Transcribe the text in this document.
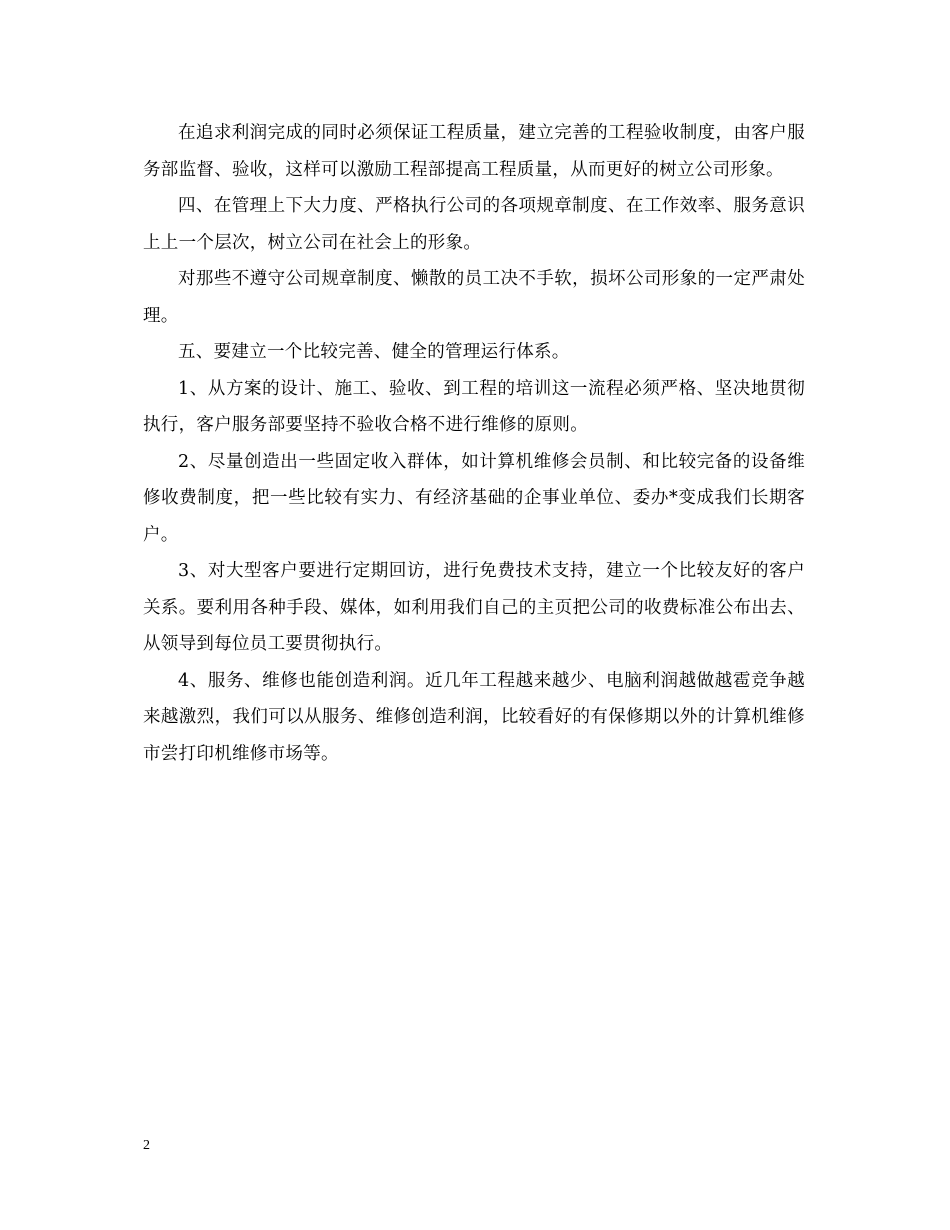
在追求利润完成的同时必须保证工程质量，建立完善的工程验收制度，由客户服务部监督、验收，这样可以激励工程部提高工程质量，从而更好的树立公司形象。

四、在管理上下大力度、严格执行公司的各项规章制度、在工作效率、服务意识上上一个层次，树立公司在社会上的形象。

对那些不遵守公司规章制度、懒散的员工决不手软，损坏公司形象的一定严肃处理。

五、要建立一个比较完善、健全的管理运行体系。

1、从方案的设计、施工、验收、到工程的培训这一流程必须严格、坚决地贯彻执行，客户服务部要坚持不验收合格不进行维修的原则。

2、尽量创造出一些固定收入群体，如计算机维修会员制、和比较完备的设备维修收费制度，把一些比较有实力、有经济基础的企事业单位、委办*变成我们长期客户。

3、对大型客户要进行定期回访，进行免费技术支持，建立一个比较友好的客户关系。要利用各种手段、媒体，如利用我们自己的主页把公司的收费标准公布出去、从领导到每位员工要贯彻执行。

4、服务、维修也能创造利润。近几年工程越来越少、电脑利润越做越雹竞争越来越激烈，我们可以从服务、维修创造利润，比较看好的有保修期以外的计算机维修市尝打印机维修市场等。

2
